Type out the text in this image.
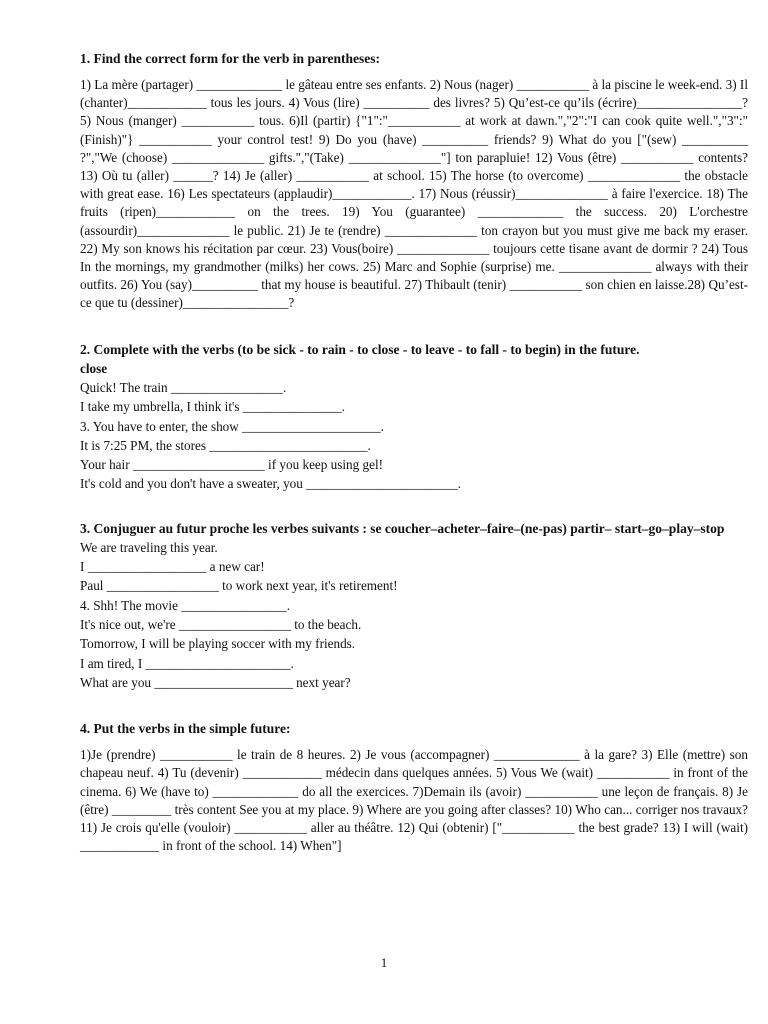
1. Find the correct form for the verb in parentheses:

1) La mère (partager) _____________ le gâteau entre ses enfants. 2) Nous (nager) ___________ à la piscine le week-end. 3) Il (chanter)____________ tous les jours. 4) Vous (lire) __________ des livres? 5) Qu’est-ce qu’ils (écrire)________________? 5) Nous (manger) ___________ tous. 6)Il (partir) {"1":"___________ at work at dawn.","2":"I can cook quite well.","3":"(Finish)"} ___________ your control test! 9) Do you (have) __________ friends? 9) What do you ["(sew) __________ ?","We (choose) ______________ gifts.","(Take) ______________"] ton parapluie! 12) Vous (être) ___________ contents? 13) Où tu (aller) ______? 14) Je (aller) ___________ at school. 15) The horse (to overcome) ______________ the obstacle with great ease. 16) Les spectateurs (applaudir)____________. 17) Nous (réussir)______________ à faire l'exercice. 18) The fruits (ripen)____________ on the trees. 19) You (guarantee) _____________ the success. 20) L'orchestre (assourdir)______________ le public. 21) Je te (rendre) ______________ ton crayon but you must give me back my eraser. 22) My son knows his récitation par cœur. 23) Vous(boire) ______________ toujours cette tisane avant de dormir ? 24) Tous In the mornings, my grandmother (milks) her cows. 25) Marc and Sophie (surprise) me. ______________ always with their outfits. 26) You (say)__________ that my house is beautiful. 27) Thibault (tenir) ___________ son chien en laisse.28) Qu’est-ce que tu (dessiner)________________?

2. Complete with the verbs (to be sick - to rain - to close - to leave - to fall - to begin) in the future.

close

Quick! The train _________________.

I take my umbrella, I think it's _______________.

3. You have to enter, the show _____________________.

It is 7:25 PM, the stores ________________________.

Your hair ____________________ if you keep using gel!

It's cold and you don't have a sweater, you _______________________.

3. Conjuguer au futur proche les verbes suivants : se coucher–acheter–faire–(ne-pas) partir– start–go–play–stop

We are traveling this year.

I __________________ a new car!

Paul _________________ to work next year, it's retirement!

4. Shh! The movie ________________.

It's nice out, we're _________________ to the beach.

Tomorrow, I will be playing soccer with my friends.

I am tired, I ______________________.

What are you _____________________ next year?

4. Put the verbs in the simple future:

1)Je (prendre) ___________ le train de 8 heures. 2) Je vous (accompagner) _____________ à la gare? 3) Elle (mettre) son chapeau neuf. 4) Tu (devenir) ____________ médecin dans quelques années. 5) Vous We (wait) ___________ in front of the cinema. 6) We (have to) _____________ do all the exercices. 7)Demain ils (avoir) ___________ une leçon de français. 8) Je (être) _________ très content See you at my place. 9) Where are you going after classes? 10) Who can... corriger nos travaux? 11) Je crois qu'elle (vouloir) ___________ aller au théâtre. 12) Qui (obtenir) ["___________ the best grade? 13) I will (wait) ____________ in front of the school. 14) When"]

1
